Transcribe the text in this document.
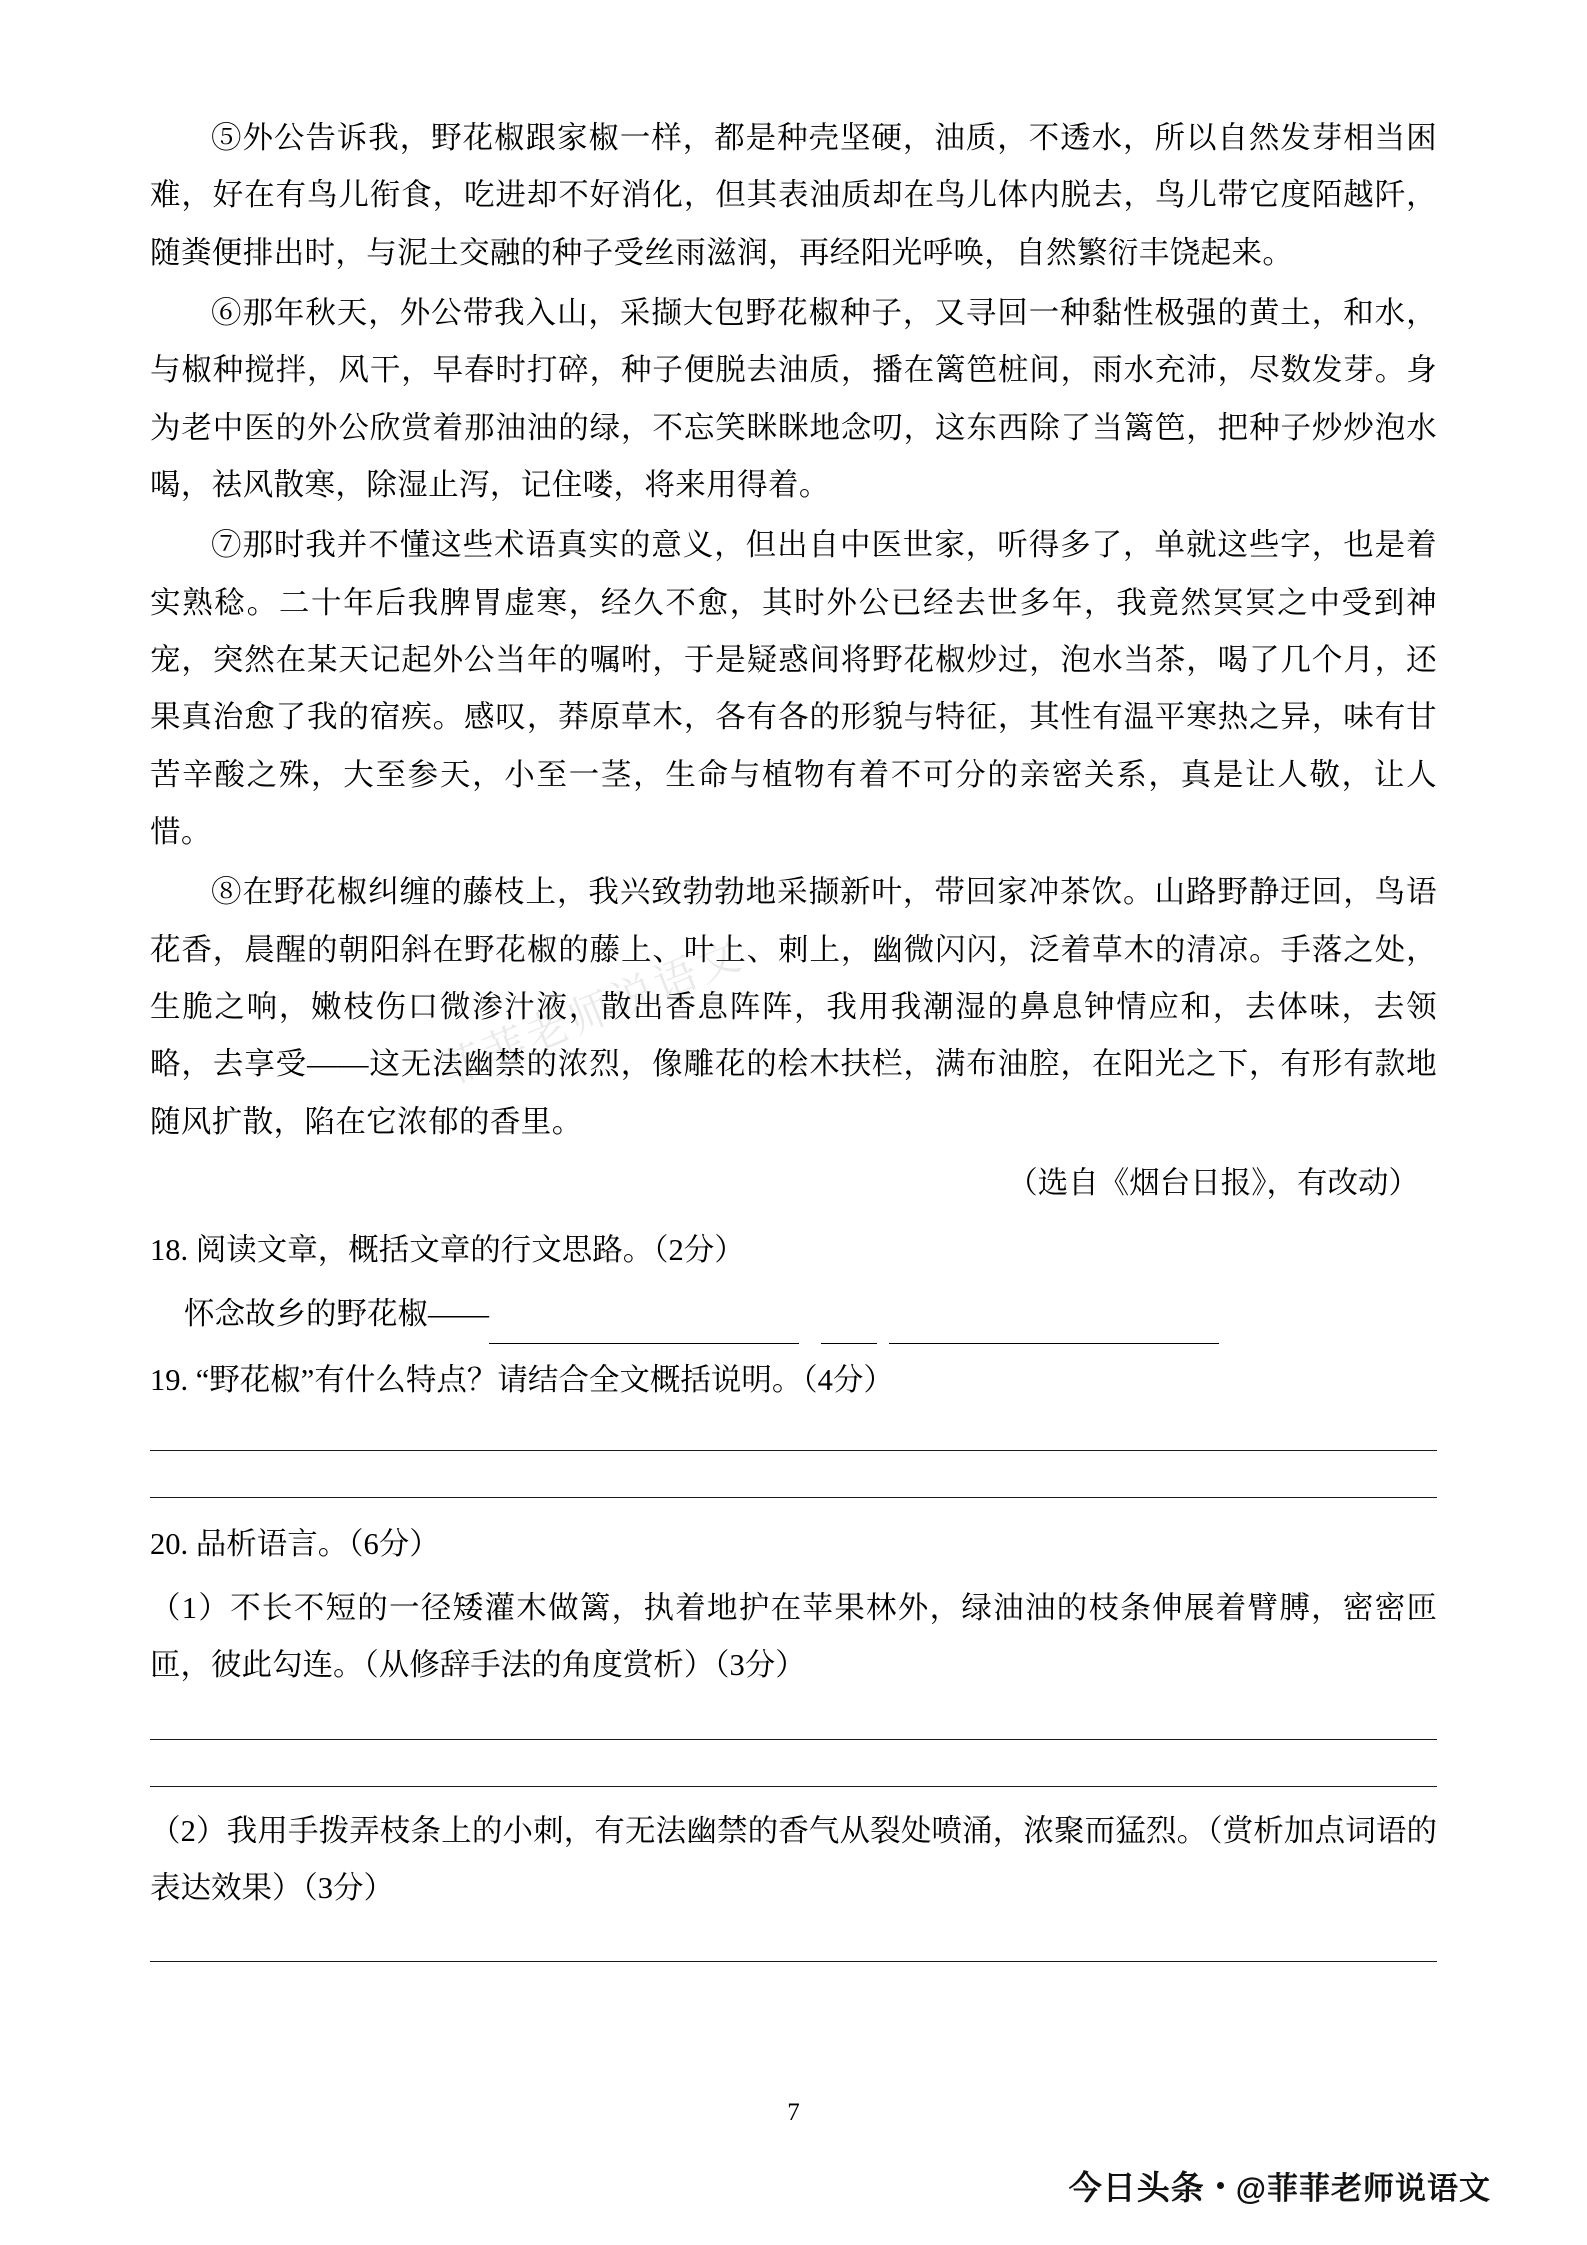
⑤外公告诉我，野花椒跟家椒一样，都是种壳坚硬，油质，不透水，所以自然发芽相当困难，好在有鸟儿衔食，吃进却不好消化，但其表油质却在鸟儿体内脱去，鸟儿带它度陌越阡，随粪便排出时，与泥土交融的种子受丝雨滋润，再经阳光呼唤，自然繁衍丰饶起来。

⑥那年秋天，外公带我入山，采撷大包野花椒种子，又寻回一种黏性极强的黄土，和水，与椒种搅拌，风干，早春时打碎，种子便脱去油质，播在篱笆桩间，雨水充沛，尽数发芽。身为老中医的外公欣赏着那油油的绿，不忘笑眯眯地念叨，这东西除了当篱笆，把种子炒炒泡水喝，祛风散寒，除湿止泻，记住喽，将来用得着。

⑦那时我并不懂这些术语真实的意义，但出自中医世家，听得多了，单就这些字，也是着实熟稔。二十年后我脾胃虚寒，经久不愈，其时外公已经去世多年，我竟然冥冥之中受到神宠，突然在某天记起外公当年的嘱咐，于是疑惑间将野花椒炒过，泡水当茶，喝了几个月，还果真治愈了我的宿疾。感叹，莽原草木，各有各的形貌与特征，其性有温平寒热之异，味有甘苦辛酸之殊，大至参天，小至一茎，生命与植物有着不可分的亲密关系，真是让人敬，让人惜。

⑧在野花椒纠缠的藤枝上，我兴致勃勃地采撷新叶，带回家冲茶饮。山路野静迂回，鸟语花香，晨醒的朝阳斜在野花椒的藤上、叶上、刺上，幽微闪闪，泛着草木的清凉。手落之处，生脆之响，嫩枝伤口微渗汁液，散出香息阵阵，我用我潮湿的鼻息钟情应和，去体味，去领略，去享受——这无法幽禁的浓烈，像雕花的桧木扶栏，满布油腔，在阳光之下，有形有款地随风扩散，陷在它浓郁的香里。

（选自《烟台日报》，有改动）

18. 阅读文章，概括文章的行文思路。（2分）

怀念故乡的野花椒——

19. “野花椒”有什么特点？请结合全文概括说明。（4分）

20. 品析语言。（6分）

（1）不长不短的一径矮灌木做篱，执着地护在苹果林外，绿油油的枝条伸展着臂膊，密密匝匝，彼此勾连。（从修辞手法的角度赏析）（3分）

（2）我用手拨弄枝条上的小刺，有无法幽禁的香气从裂处喷涌，浓聚而猛烈。（赏析加点词语的表达效果）（3分）

菲菲老师说语文
7
今日头条 @菲菲老师说语文
